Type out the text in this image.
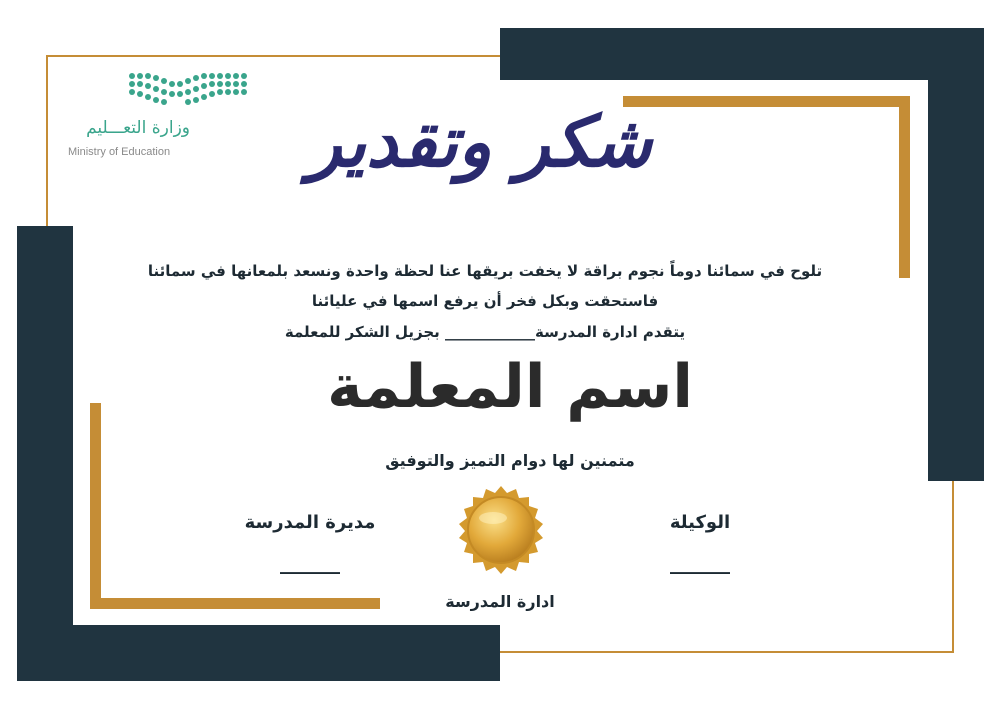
وزارة التعـــليم
Ministry of Education	شكر وتقدير
تلوح في سمائنا دوماً نجوم براقة لا يخفت بريقها عنا لحظة واحدة ونسعد بلمعانها في سمائنا
فاستحقت وبكل فخر أن يرفع اسمها في عليائنا
يتقدم ادارة المدرسة____________ بجزيل الشكر للمعلمة
اسم المعلمة
متمنين لها دوام التميز والتوفيق
مديرة المدرسة
______
الوكيلة
______
ادارة المدرسة
